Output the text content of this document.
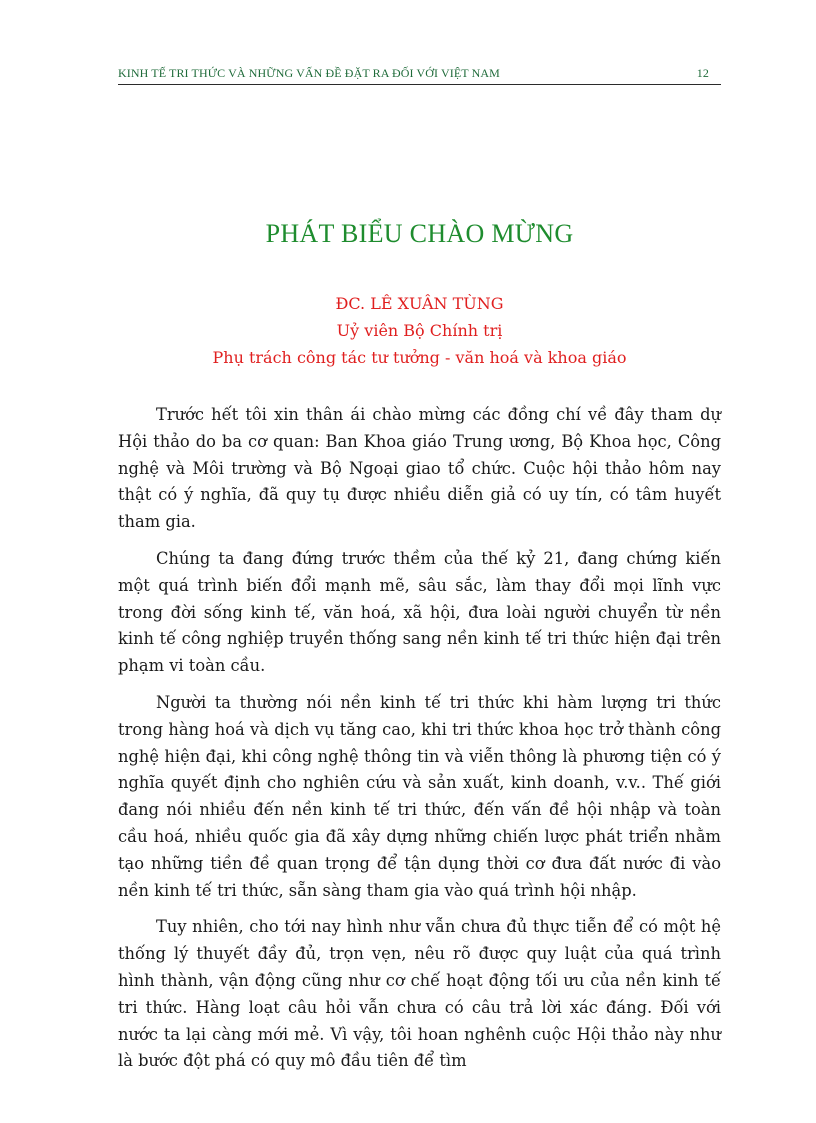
KINH TẾ TRI THỨC VÀ NHỮNG VẤN ĐỀ ĐẶT RA ĐỐI VỚI VIỆT NAM	12
PHÁT BIỂU CHÀO MỪNG
ĐC. LÊ XUÂN TÙNG
Uỷ viên Bộ Chính trị
Phụ trách công tác tư tưởng - văn hoá và khoa giáo

Trước hết tôi xin thân ái chào mừng các đồng chí về đây tham dự Hội thảo do ba cơ quan: Ban Khoa giáo Trung ương, Bộ Khoa học, Công nghệ và Môi trường và Bộ Ngoại giao tổ chức. Cuộc hội thảo hôm nay thật có ý nghĩa, đã quy tụ được nhiều diễn giả có uy tín, có tâm huyết tham gia.

Chúng ta đang đứng trước thềm của thế kỷ 21, đang chứng kiến một quá trình biến đổi mạnh mẽ, sâu sắc, làm thay đổi mọi lĩnh vực trong đời sống kinh tế, văn hoá, xã hội, đưa loài người chuyển từ nền kinh tế công nghiệp truyền thống sang nền kinh tế tri thức hiện đại trên phạm vi toàn cầu.

Người ta thường nói nền kinh tế tri thức khi hàm lượng tri thức trong hàng hoá và dịch vụ tăng cao, khi tri thức khoa học trở thành công nghệ hiện đại, khi công nghệ thông tin và viễn thông là phương tiện có ý nghĩa quyết định cho nghiên cứu và sản xuất, kinh doanh, v.v.. Thế giới đang nói nhiều đến nền kinh tế tri thức, đến vấn đề hội nhập và toàn cầu hoá, nhiều quốc gia đã xây dựng những chiến lược phát triển nhằm tạo những tiền đề quan trọng để tận dụng thời cơ đưa đất nước đi vào nền kinh tế tri thức, sẵn sàng tham gia vào quá trình hội nhập.

Tuy nhiên, cho tới nay hình như vẫn chưa đủ thực tiễn để có một hệ thống lý thuyết đầy đủ, trọn vẹn, nêu rõ được quy luật của quá trình hình thành, vận động cũng như cơ chế hoạt động tối ưu của nền kinh tế tri thức. Hàng loạt câu hỏi vẫn chưa có câu trả lời xác đáng. Đối với nước ta lại càng mới mẻ. Vì vậy, tôi hoan nghênh cuộc Hội thảo này như là bước đột phá có quy mô đầu tiên để tìm
